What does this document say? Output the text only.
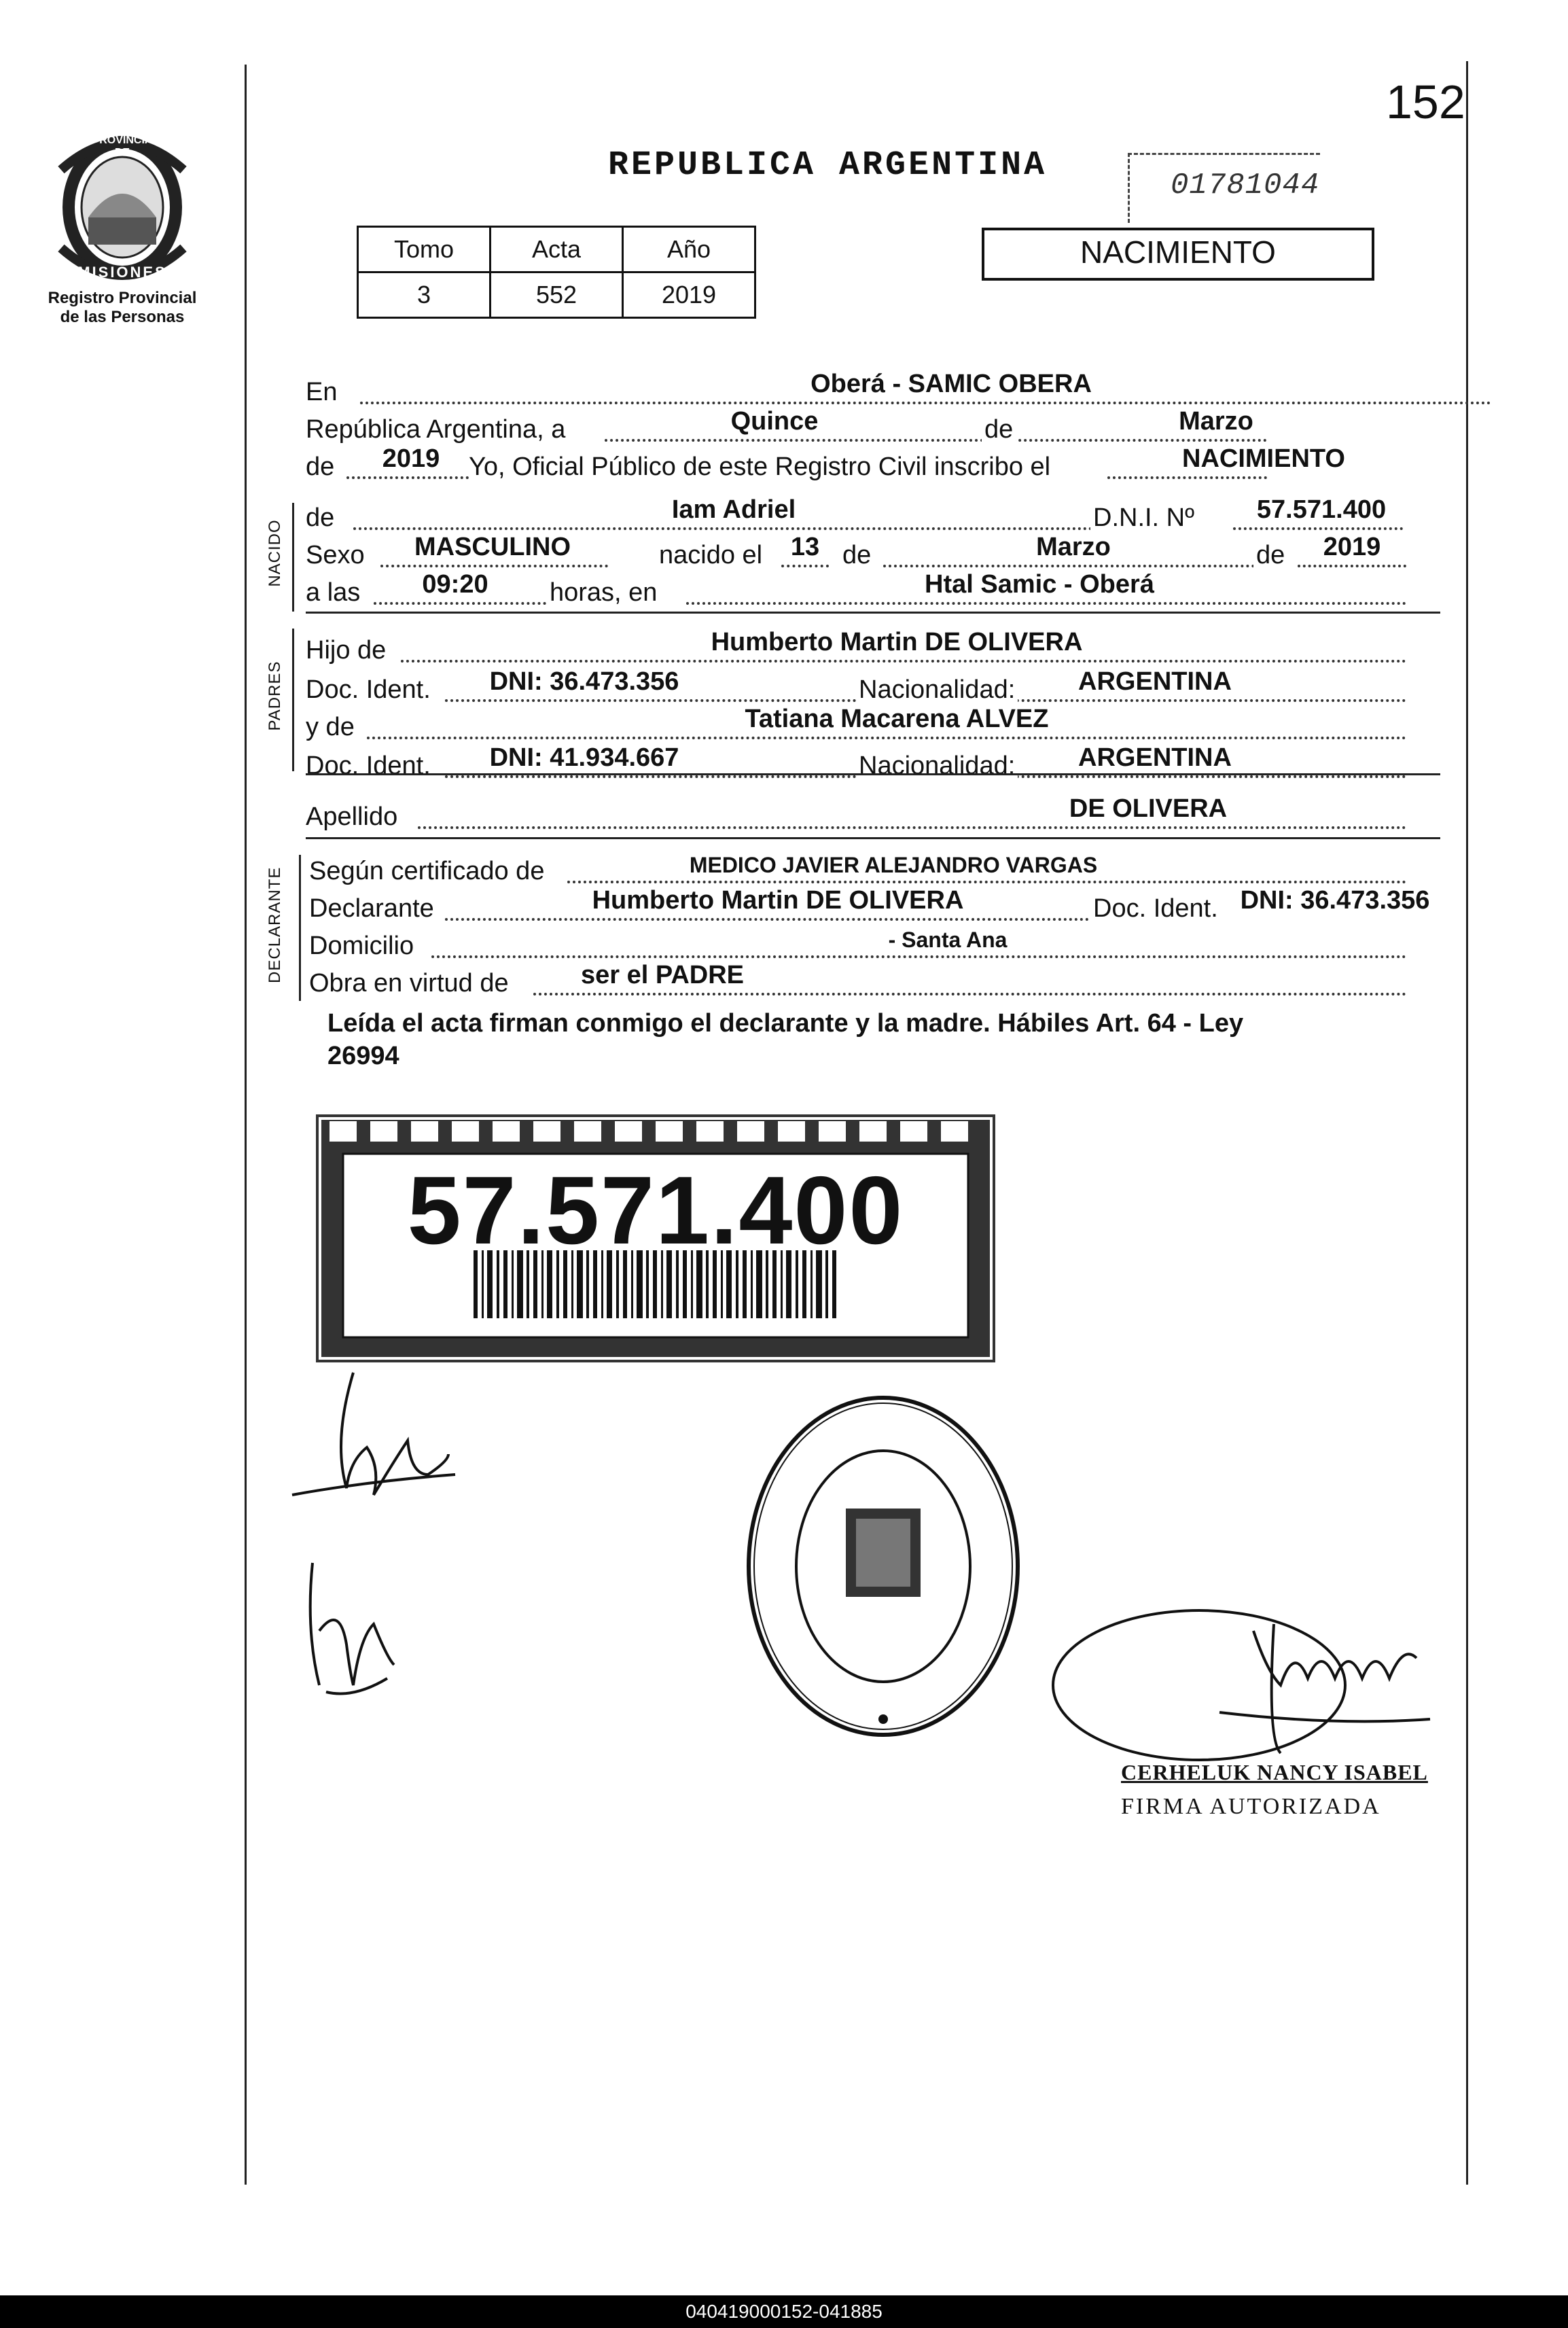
PROVINCIA DE
MISIONES
Registro Provincial
de las Personas
152
REPUBLICA ARGENTINA
01781044
Tomo	Acta	Año
3	552	2019
NACIMIENTO
En	Oberá - SAMIC OBERA
República Argentina, a	Quince	de	Marzo
de	2019	Yo, Oficial Público de este Registro Civil inscribo el	NACIMIENTO
NACIDO
de	Iam Adriel	D.N.I. Nº	57.571.400
Sexo	MASCULINO	nacido el	13 de	Marzo	de	2019
a las	09:20	horas, en	Htal Samic - Oberá
PADRES
Hijo de	Humberto Martin DE OLIVERA
Doc. Ident.	DNI: 36.473.356	Nacionalidad:	ARGENTINA
y de	Tatiana Macarena ALVEZ
Doc. Ident.	DNI: 41.934.667	Nacionalidad:	ARGENTINA
Apellido	DE OLIVERA
DECLARANTE Según certificado de	MEDICO JAVIER ALEJANDRO VARGAS
Declarante	Humberto Martin DE OLIVERA	Doc. Ident. DNI: 36.473.356
Domicilio	- Santa Ana
Obra en virtud de	ser el PADRE
Leída el acta firman conmigo el declarante y la madre. Hábiles Art. 64 - Ley
26994
57.571.400
CERHELUK NANCY ISABEL
FIRMA AUTORIZADA
040419000152-041885
